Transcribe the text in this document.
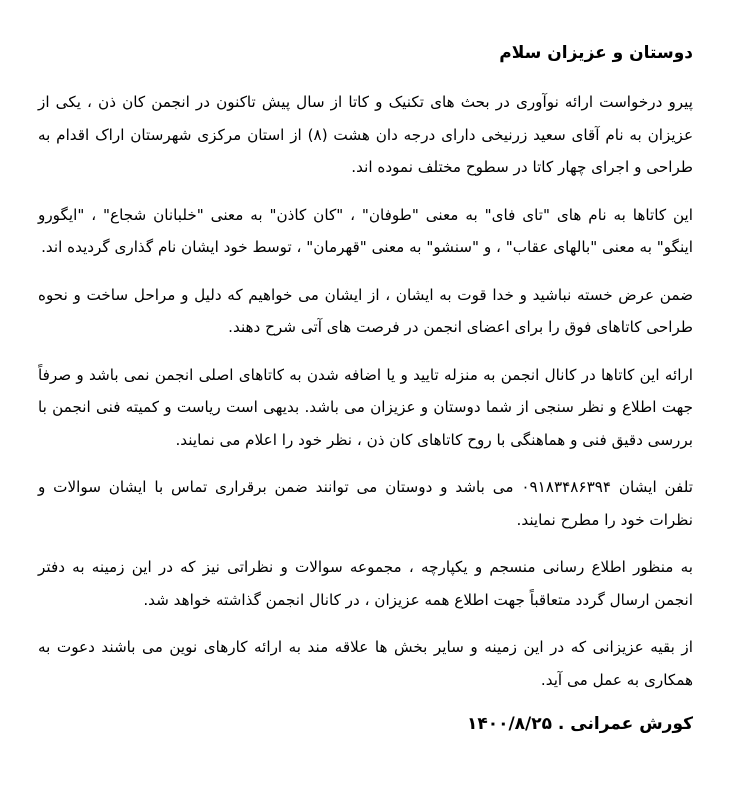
دوستان و عزیزان سلام

پیرو درخواست ارائه نوآوری در بحث های تکنیک و کاتا از سال پیش تاکنون در انجمن کان ذن ، یکی از عزیزان به نام آقای سعید زرنیخی دارای درجه دان هشت (۸) از استان مرکزی شهرستان اراک اقدام به طراحی و اجرای چهار کاتا در سطوح مختلف نموده اند.

این کاتاها به نام های "تای فای" به معنی "طوفان" ، "کان کاذن" به معنی "خلبانان شجاع" ، "ایگورو اینگو" به معنی "بالهای عقاب" ، و "سنشو" به معنی "قهرمان" ، توسط خود ایشان نام گذاری گردیده اند.

ضمن عرض خسته نباشید و خدا قوت به ایشان ، از ایشان می خواهیم که دلیل و مراحل ساخت و نحوه طراحی کاتاهای فوق را برای اعضای انجمن در فرصت های آتی شرح دهند.

ارائه این کاتاها در کانال انجمن به منزله تایید و یا اضافه شدن به کاتاهای اصلی انجمن نمی باشد و صرفاً جهت اطلاع و نظر سنجی از شما دوستان و عزیزان می باشد. بدیهی است ریاست و کمیته فنی انجمن با بررسی دقیق فنی و هماهنگی با روح کاتاهای کان ذن ، نظر خود را اعلام می نمایند.

تلفن ایشان ۰۹۱۸۳۴۸۶۳۹۴ می باشد و دوستان می توانند ضمن برقراری تماس با ایشان سوالات و نظرات خود را مطرح نمایند.

به منظور اطلاع رسانی منسجم و یکپارچه ، مجموعه سوالات و نظراتی نیز که در این زمینه به دفتر انجمن ارسال گردد متعاقباً جهت اطلاع همه عزیزان ، در کانال انجمن گذاشته خواهد شد.

از بقیه عزیزانی که در این زمینه و سایر بخش ها علاقه مند به ارائه کارهای نوین می باشند دعوت به همکاری به عمل می آید.

کورش عمرانی . ۱۴۰۰/۸/۲۵
